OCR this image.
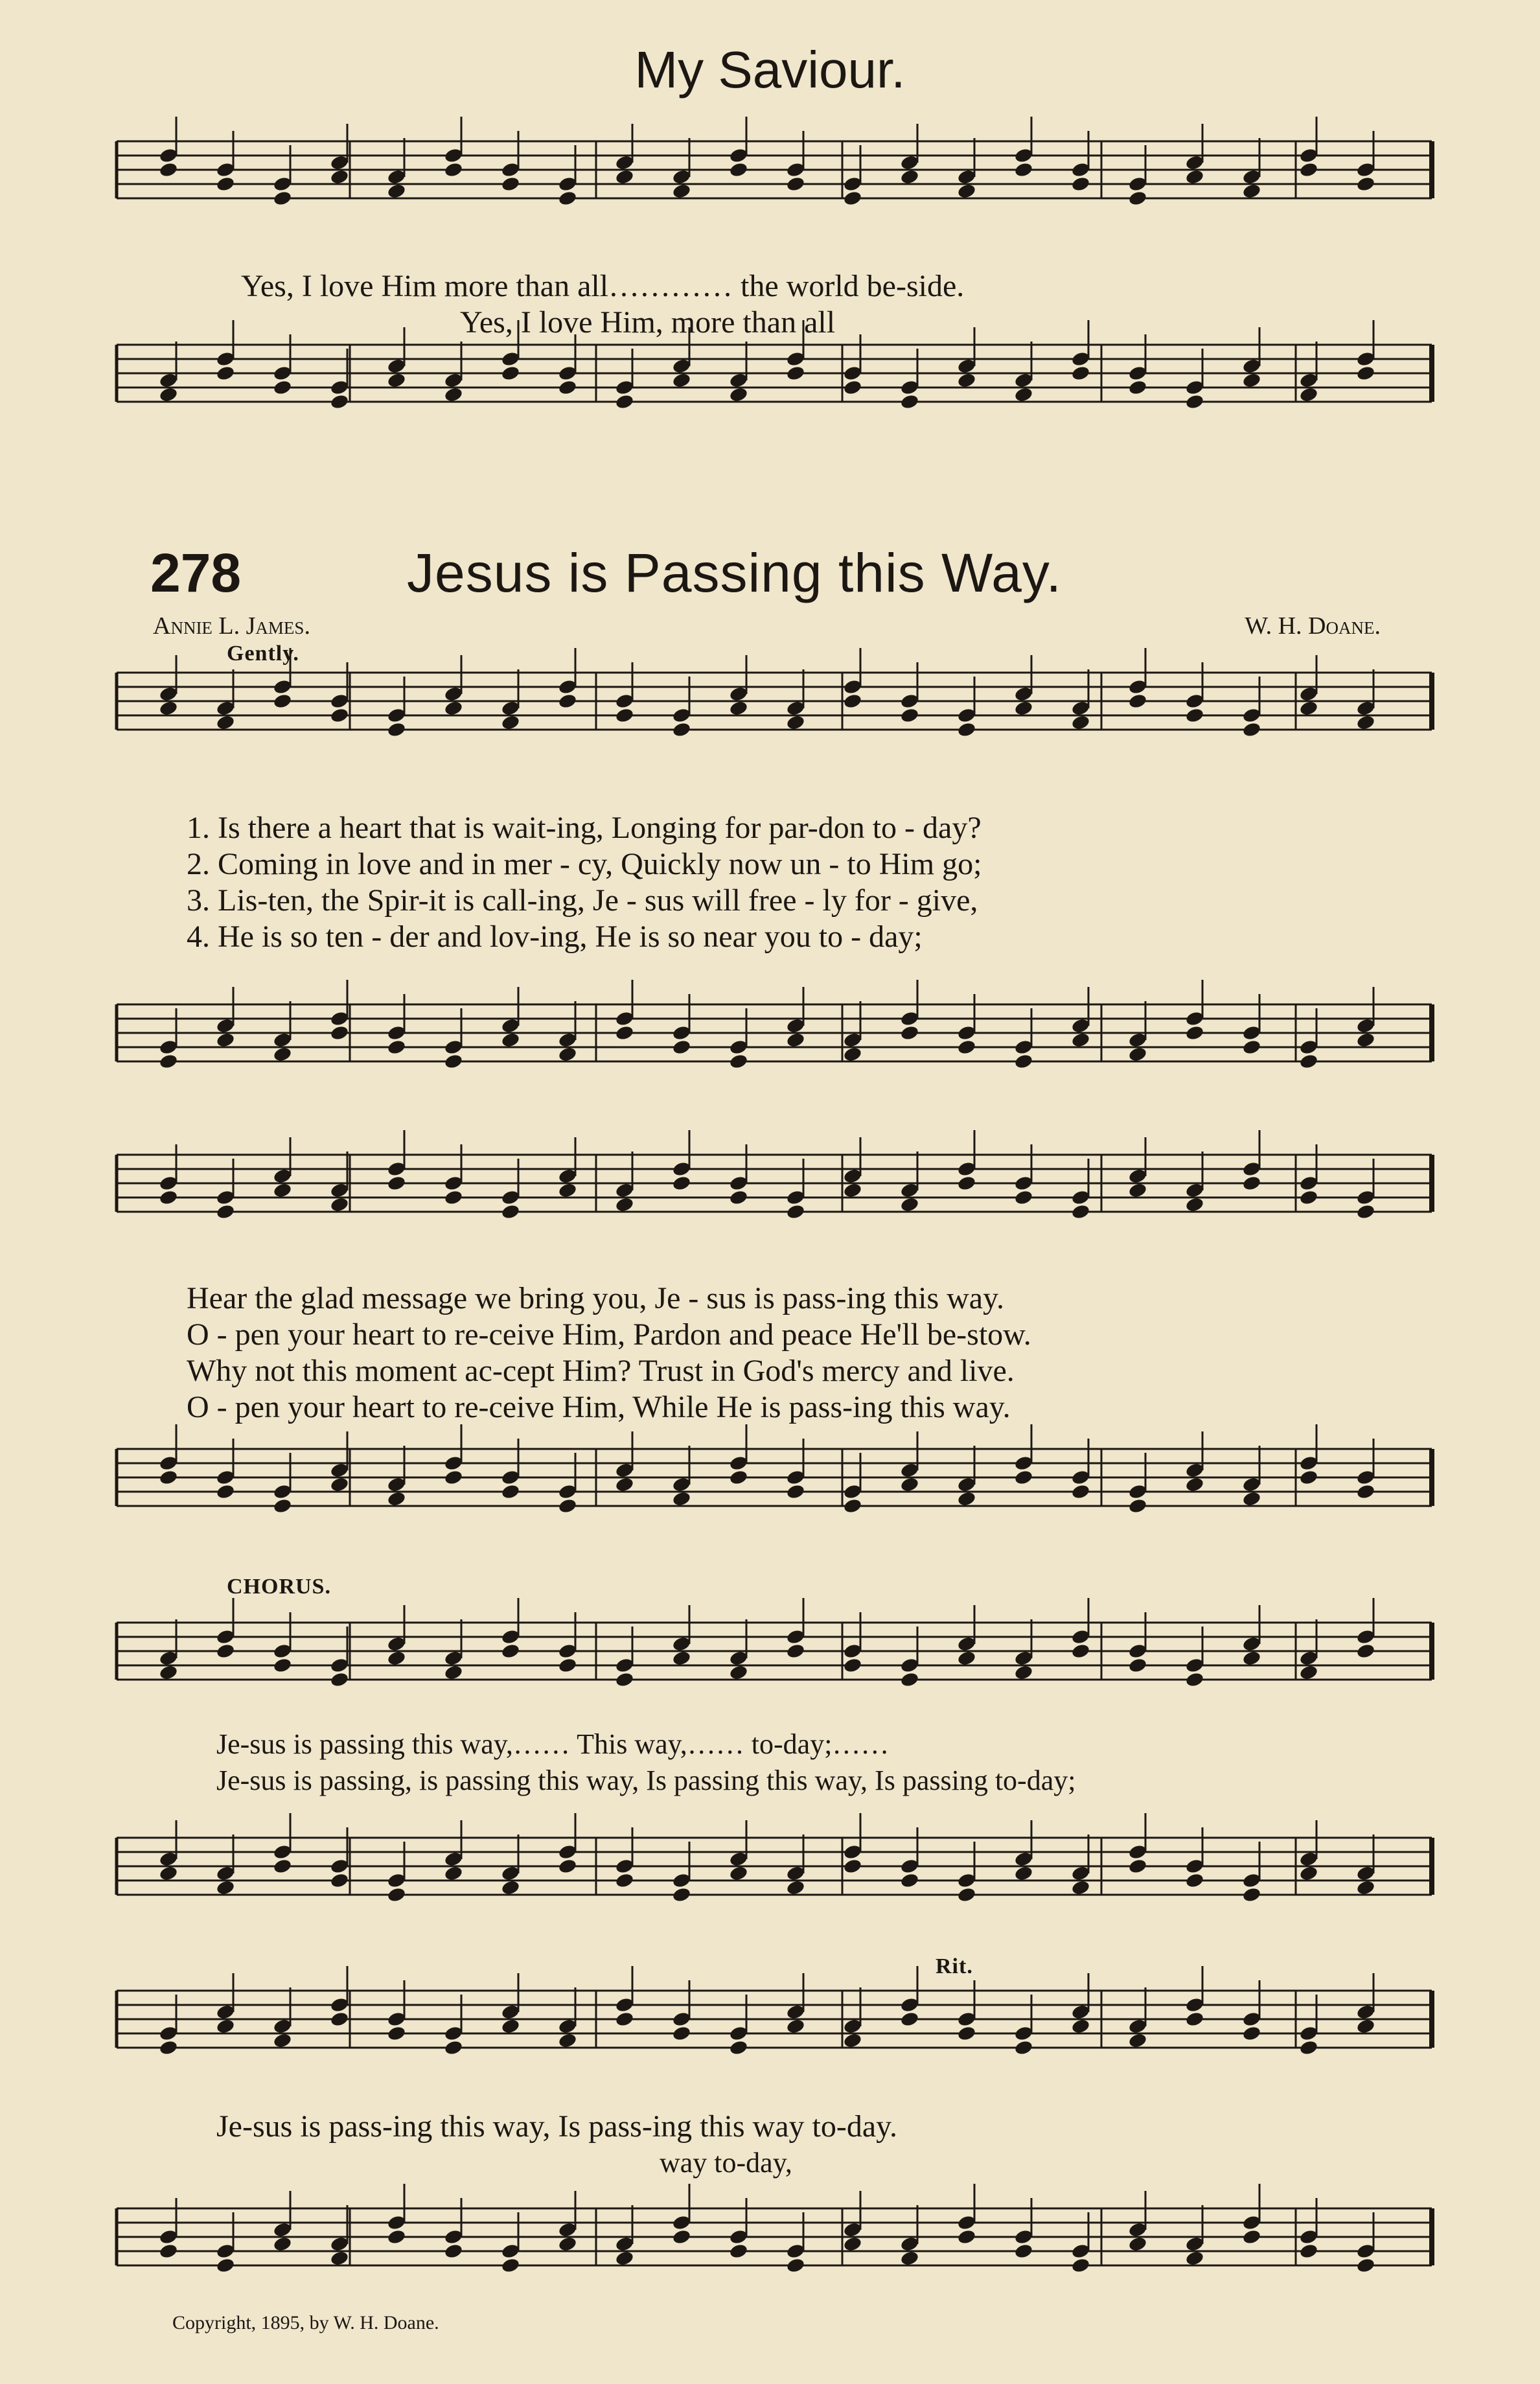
My Saviour.
Yes, I love Him more than all………… the world be-side.
Yes, I love Him, more than all
278	Jesus is Passing this Way.
Annie L. James.	W. H. Doane.
Gently.
1. Is there a heart that is wait-ing, Longing for par-don to - day?
2. Coming in love and in mer - cy, Quickly now un - to Him go;
3. Lis-ten, the Spir-it is call-ing, Je - sus will free - ly for - give,
4. He is so ten - der and lov-ing, He is so near you to - day;
Hear the glad message we bring you, Je - sus is pass-ing this way.
O - pen your heart to re-ceive Him, Pardon and peace He'll be-stow.
Why not this moment ac-cept Him? Trust in God's mercy and live.
O - pen your heart to re-ceive Him, While He is pass-ing this way.
CHORUS.
Je-sus is passing this way,…… This way,…… to-day;……
Je-sus is passing, is passing this way, Is passing this way, Is passing to-day;
Rit.
Je-sus is pass-ing this way, Is pass-ing this way to-day.
way to-day,
Copyright, 1895, by W. H. Doane.
